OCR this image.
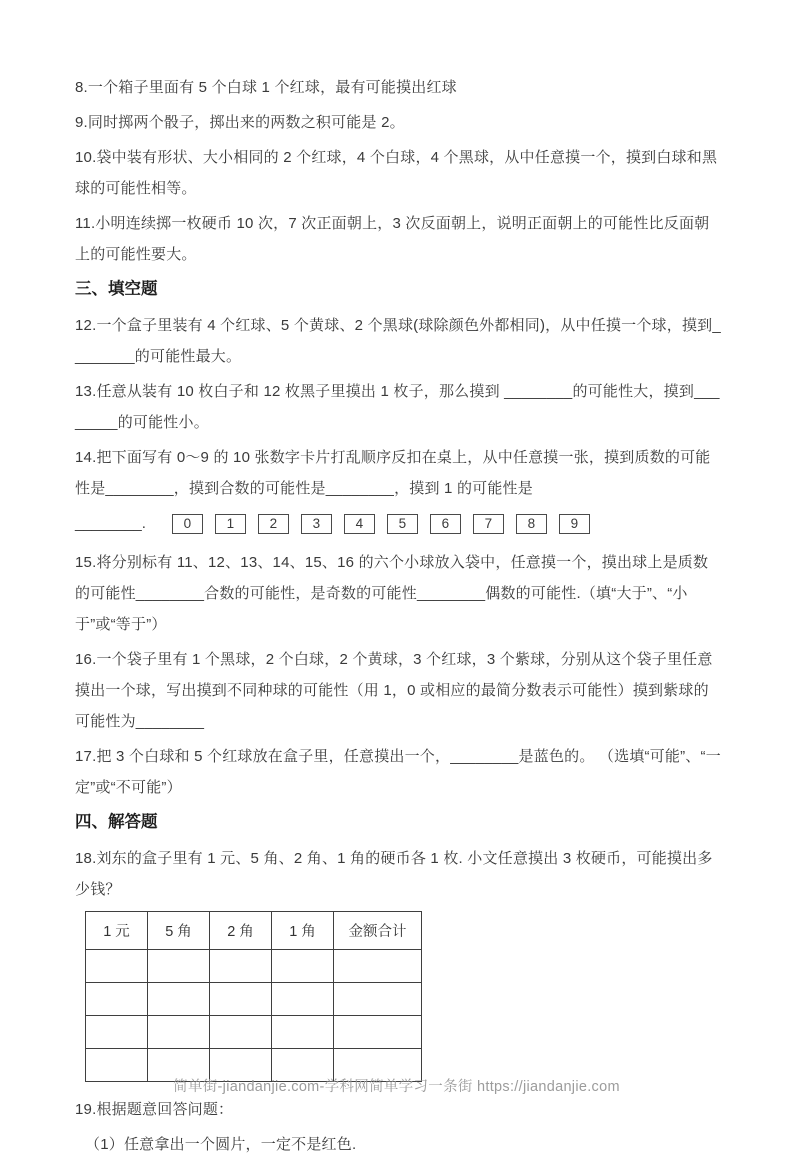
8.一个箱子里面有 5 个白球 1 个红球，最有可能摸出红球

9.同时掷两个骰子，掷出来的两数之积可能是 2。

10.袋中装有形状、大小相同的 2 个红球，4 个白球，4 个黑球，从中任意摸一个，摸到白球和黑球的可能性相等。

11.小明连续掷一枚硬币 10 次，7 次正面朝上，3 次反面朝上，说明正面朝上的可能性比反面朝上的可能性要大。

三、填空题

12.一个盒子里装有 4 个红球、5 个黄球、2 个黑球(球除颜色外都相同)，从中任摸一个球，摸到________的可能性最大。

13.任意从装有 10 枚白子和 12 枚黑子里摸出 1 枚子，那么摸到 ________的可能性大，摸到________的可能性小。

14.把下面写有 0～9 的 10 张数字卡片打乱顺序反扣在桌上，从中任意摸一张，摸到质数的可能性是________，摸到合数的可能性是________，摸到 1 的可能性是

________.	0	1	2	3	4	5	6	7	8	9

15.将分别标有 11、12、13、14、15、16 的六个小球放入袋中，任意摸一个，摸出球上是质数的可能性________合数的可能性，是奇数的可能性________偶数的可能性.（填“大于”、“小于”或“等于”）

16.一个袋子里有 1 个黑球，2 个白球，2 个黄球，3 个红球，3 个紫球，分别从这个袋子里任意摸出一个球，写出摸到不同种球的可能性（用 1，0 或相应的最简分数表示可能性）摸到紫球的可能性为________

17.把 3 个白球和 5 个红球放在盒子里，任意摸出一个，________是蓝色的。 （选填“可能”、“一定”或“不可能”）

四、解答题

18.刘东的盒子里有 1 元、5 角、2 角、1 角的硬币各 1 枚. 小文任意摸出 3 枚硬币，可能摸出多少钱？

1 元	5 角	2 角	1 角	金额合计

19.根据题意回答问题：

（1）任意拿出一个圆片，一定不是红色.

简单街-jiandanjie.com-学科网简单学习一条街 https://jiandanjie.com
